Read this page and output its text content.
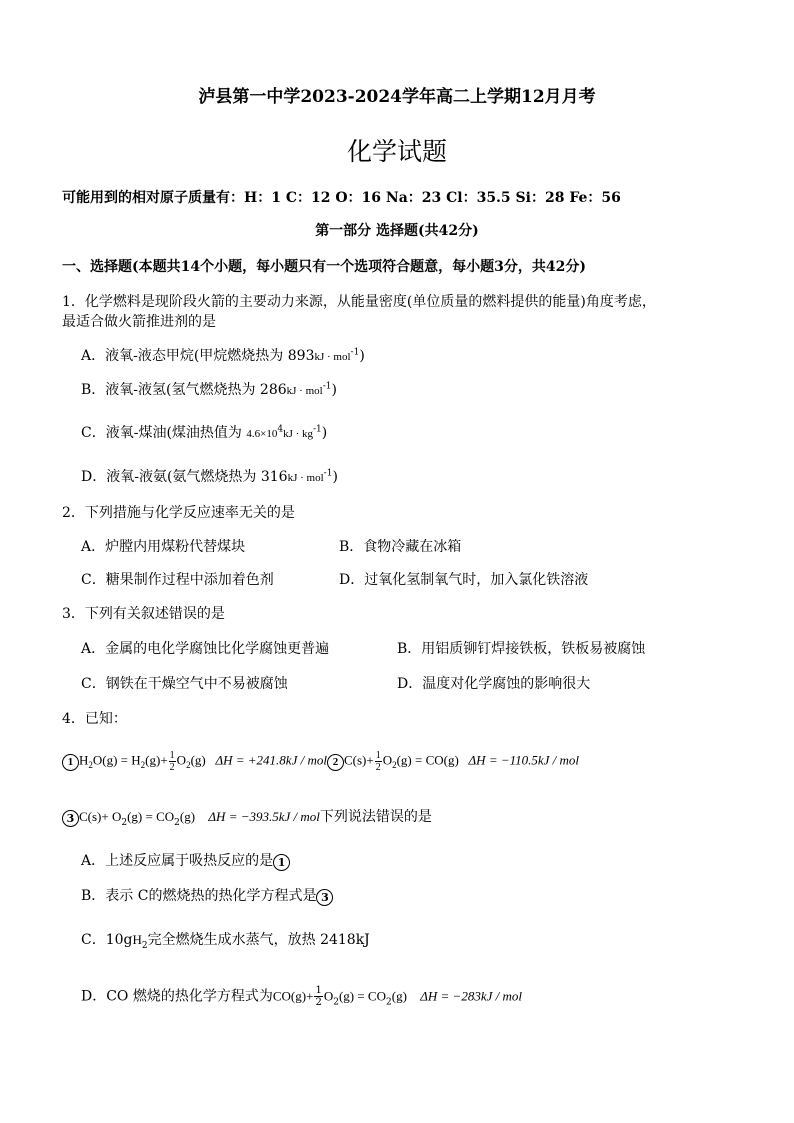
泸县第一中学2023-2024学年高二上学期12月月考
化学试题
可能用到的相对原子质量有：H：1 C：12 O：16 Na：23 Cl：35.5 Si：28 Fe：56
第一部分 选择题(共42分)
一、选择题(本题共14个小题，每小题只有一个选项符合题意，每小题3分，共42分)
1．化学燃料是现阶段火箭的主要动力来源，从能量密度(单位质量的燃料提供的能量)角度考虑，
最适合做火箭推进剂的是
A．液氧-液态甲烷(甲烷燃烧热为 893kJ · mol$^{-1}$)
B．液氧-液氢(氢气燃烧热为 286kJ · mol$^{-1}$)
C．液氧-煤油(煤油热值为 $4.6\times 10^4kJ \cdot kg^{-1}$)
D．液氧-液氨(氨气燃烧热为 316kJ · mol$^{-1}$)
2．下列措施与化学反应速率无关的是
A．炉膛内用煤粉代替煤块	B．食物冷藏在冰箱
C．糖果制作过程中添加着色剂	D．过氧化氢制氧气时，加入氯化铁溶液
3．下列有关叙述错误的是
A．金属的电化学腐蚀比化学腐蚀更普遍	B．用铝质铆钉焊接铁板，铁板易被腐蚀
C．钢铁在干燥空气中不易被腐蚀	D．温度对化学腐蚀的影响很大
4．已知：
1 $H_2O(g) = H_2(g)+ \frac{1}{2} O_2(g) \Delta H = +241.8kJ$ / mol 2 $C(s)+ \frac{1}{2} O_2(g) = CO(g) \Delta H = -110.5kJ$ / mol
3 $C(s)+ O_2(g) = CO_2(g) \Delta H = -393.5kJ$ / mol下列说法错误的是
A．上述反应属于吸热反应的是 1
B．表示 C的燃烧热的热化学方程式是 3
C．$10gH_2$完全燃烧生成水蒸气，放热 2418kJ
D．CO 燃烧的热化学方程式为$CO(g)+ \frac{1}{2} O_2(g) = CO_2(g) \Delta H = -283kJ$ / mol
